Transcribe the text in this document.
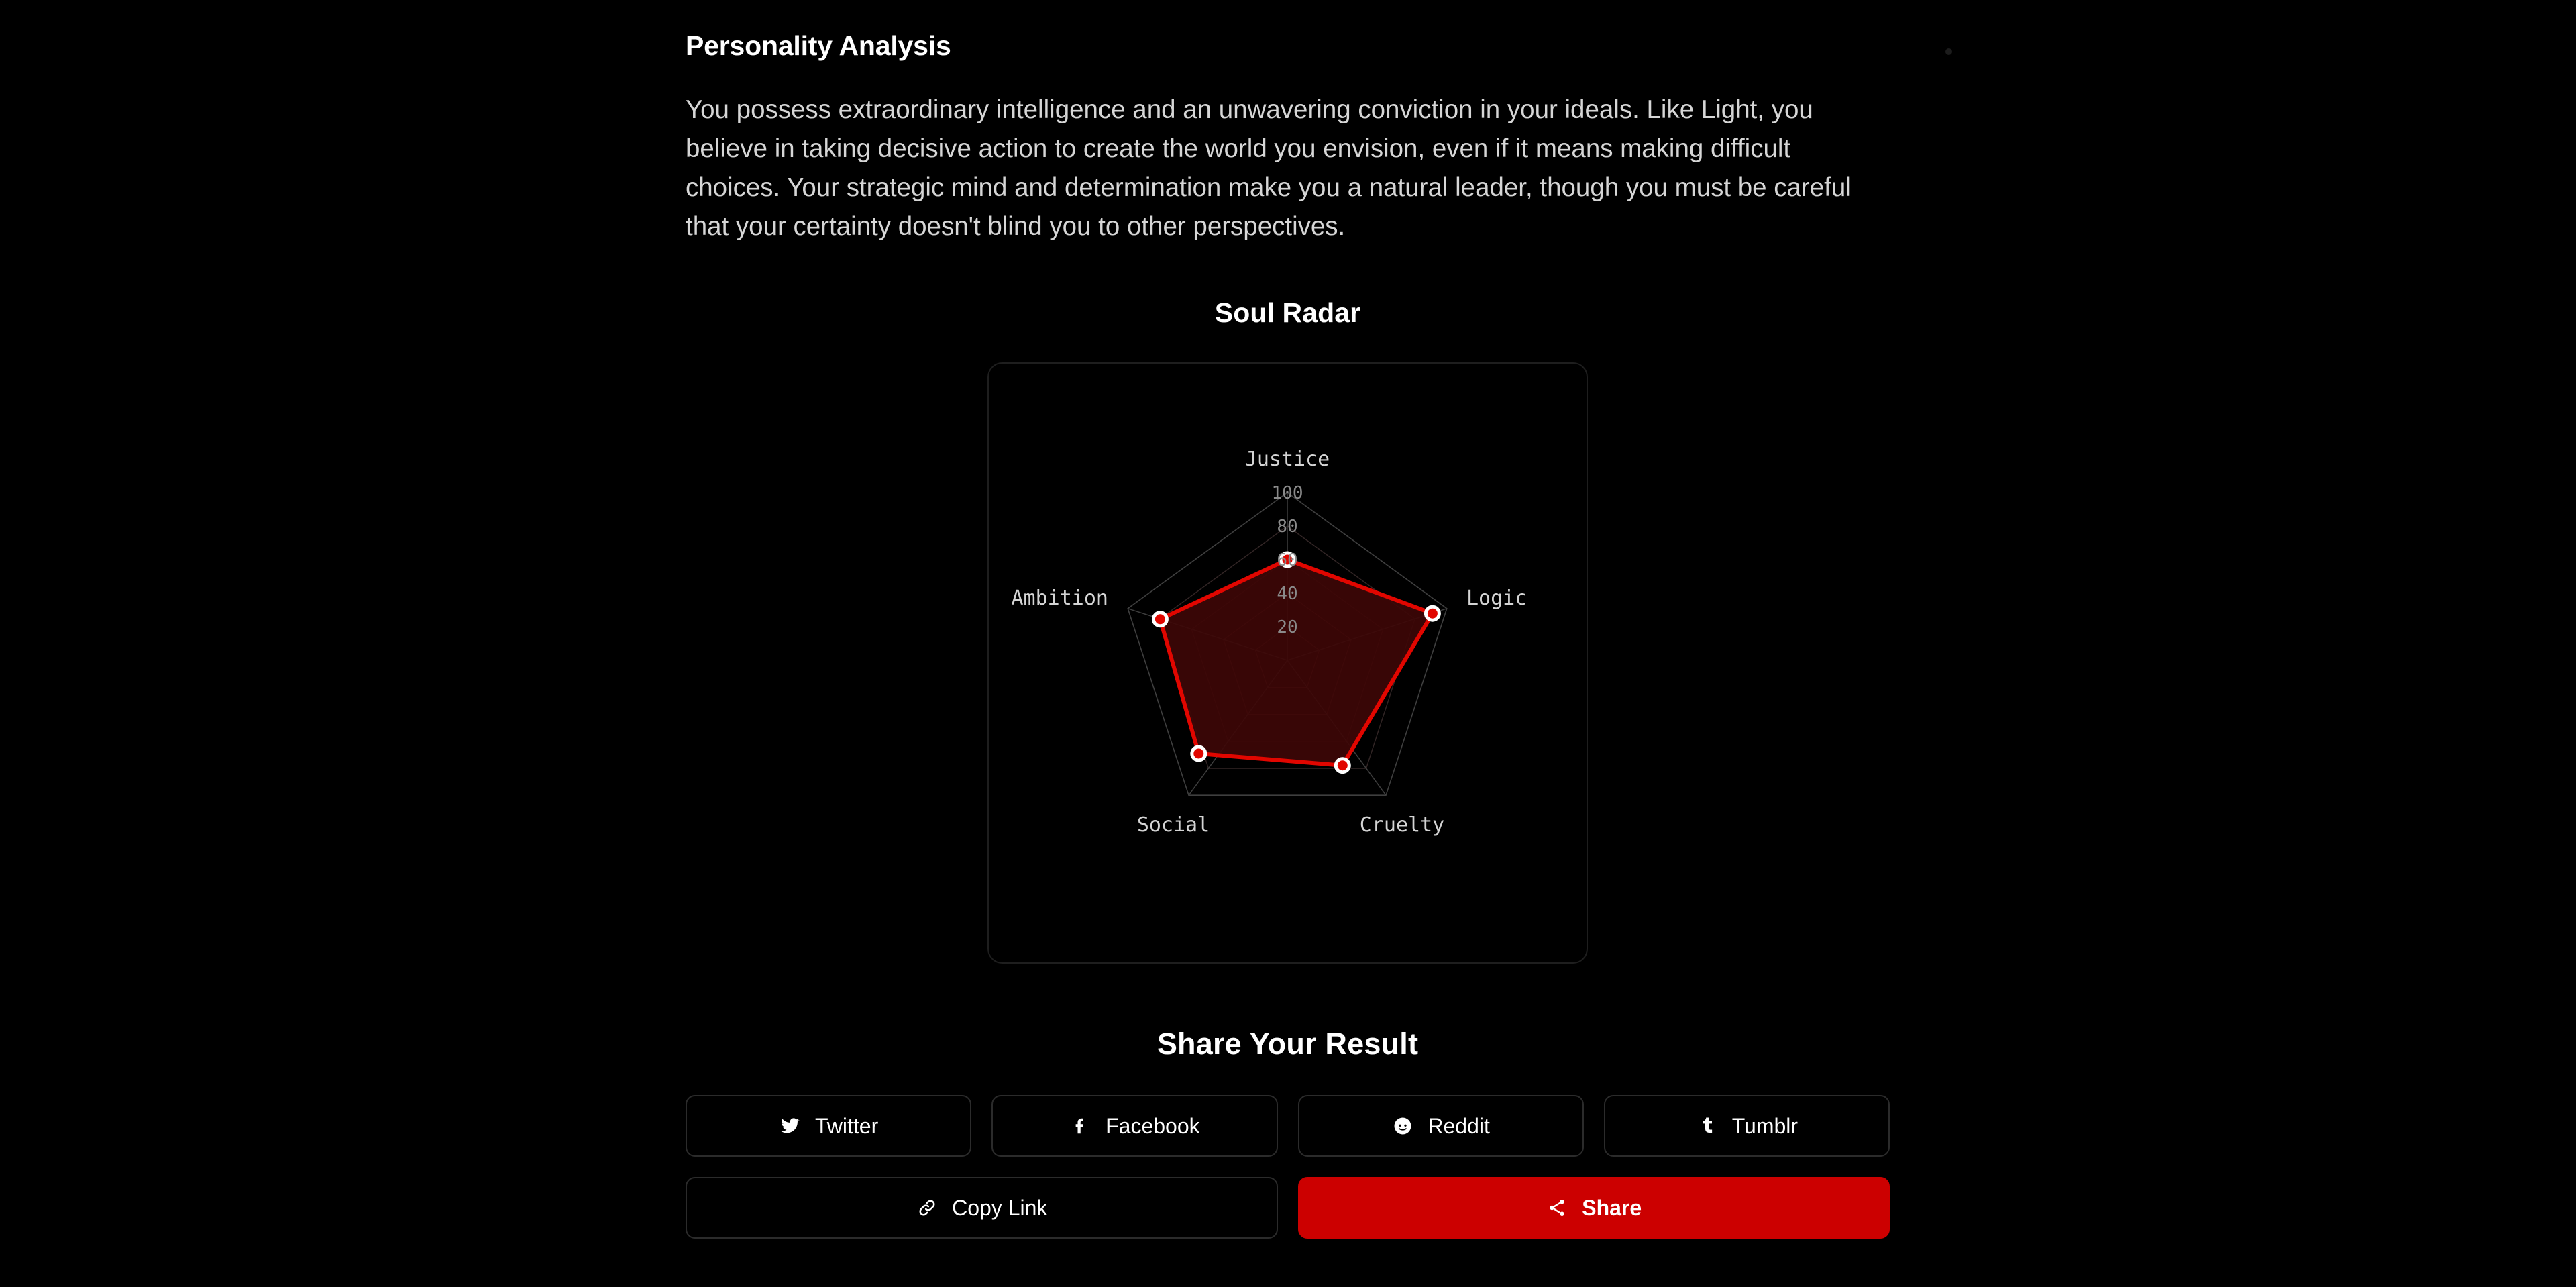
Personality Analysis

You possess extraordinary intelligence and an unwavering conviction in your ideals. Like Light, you believe in taking decisive action to create the world you envision, even if it means making difficult choices. Your strategic mind and determination make you a natural leader, though you must be careful that your certainty doesn't blind you to other perspectives.

Soul Radar
100
80
60
40
20
Justice
Logic
Cruelty
Social
Ambition
Share Your Result
Twitter	Facebook	Reddit	Tumblr
Copy Link	Share
